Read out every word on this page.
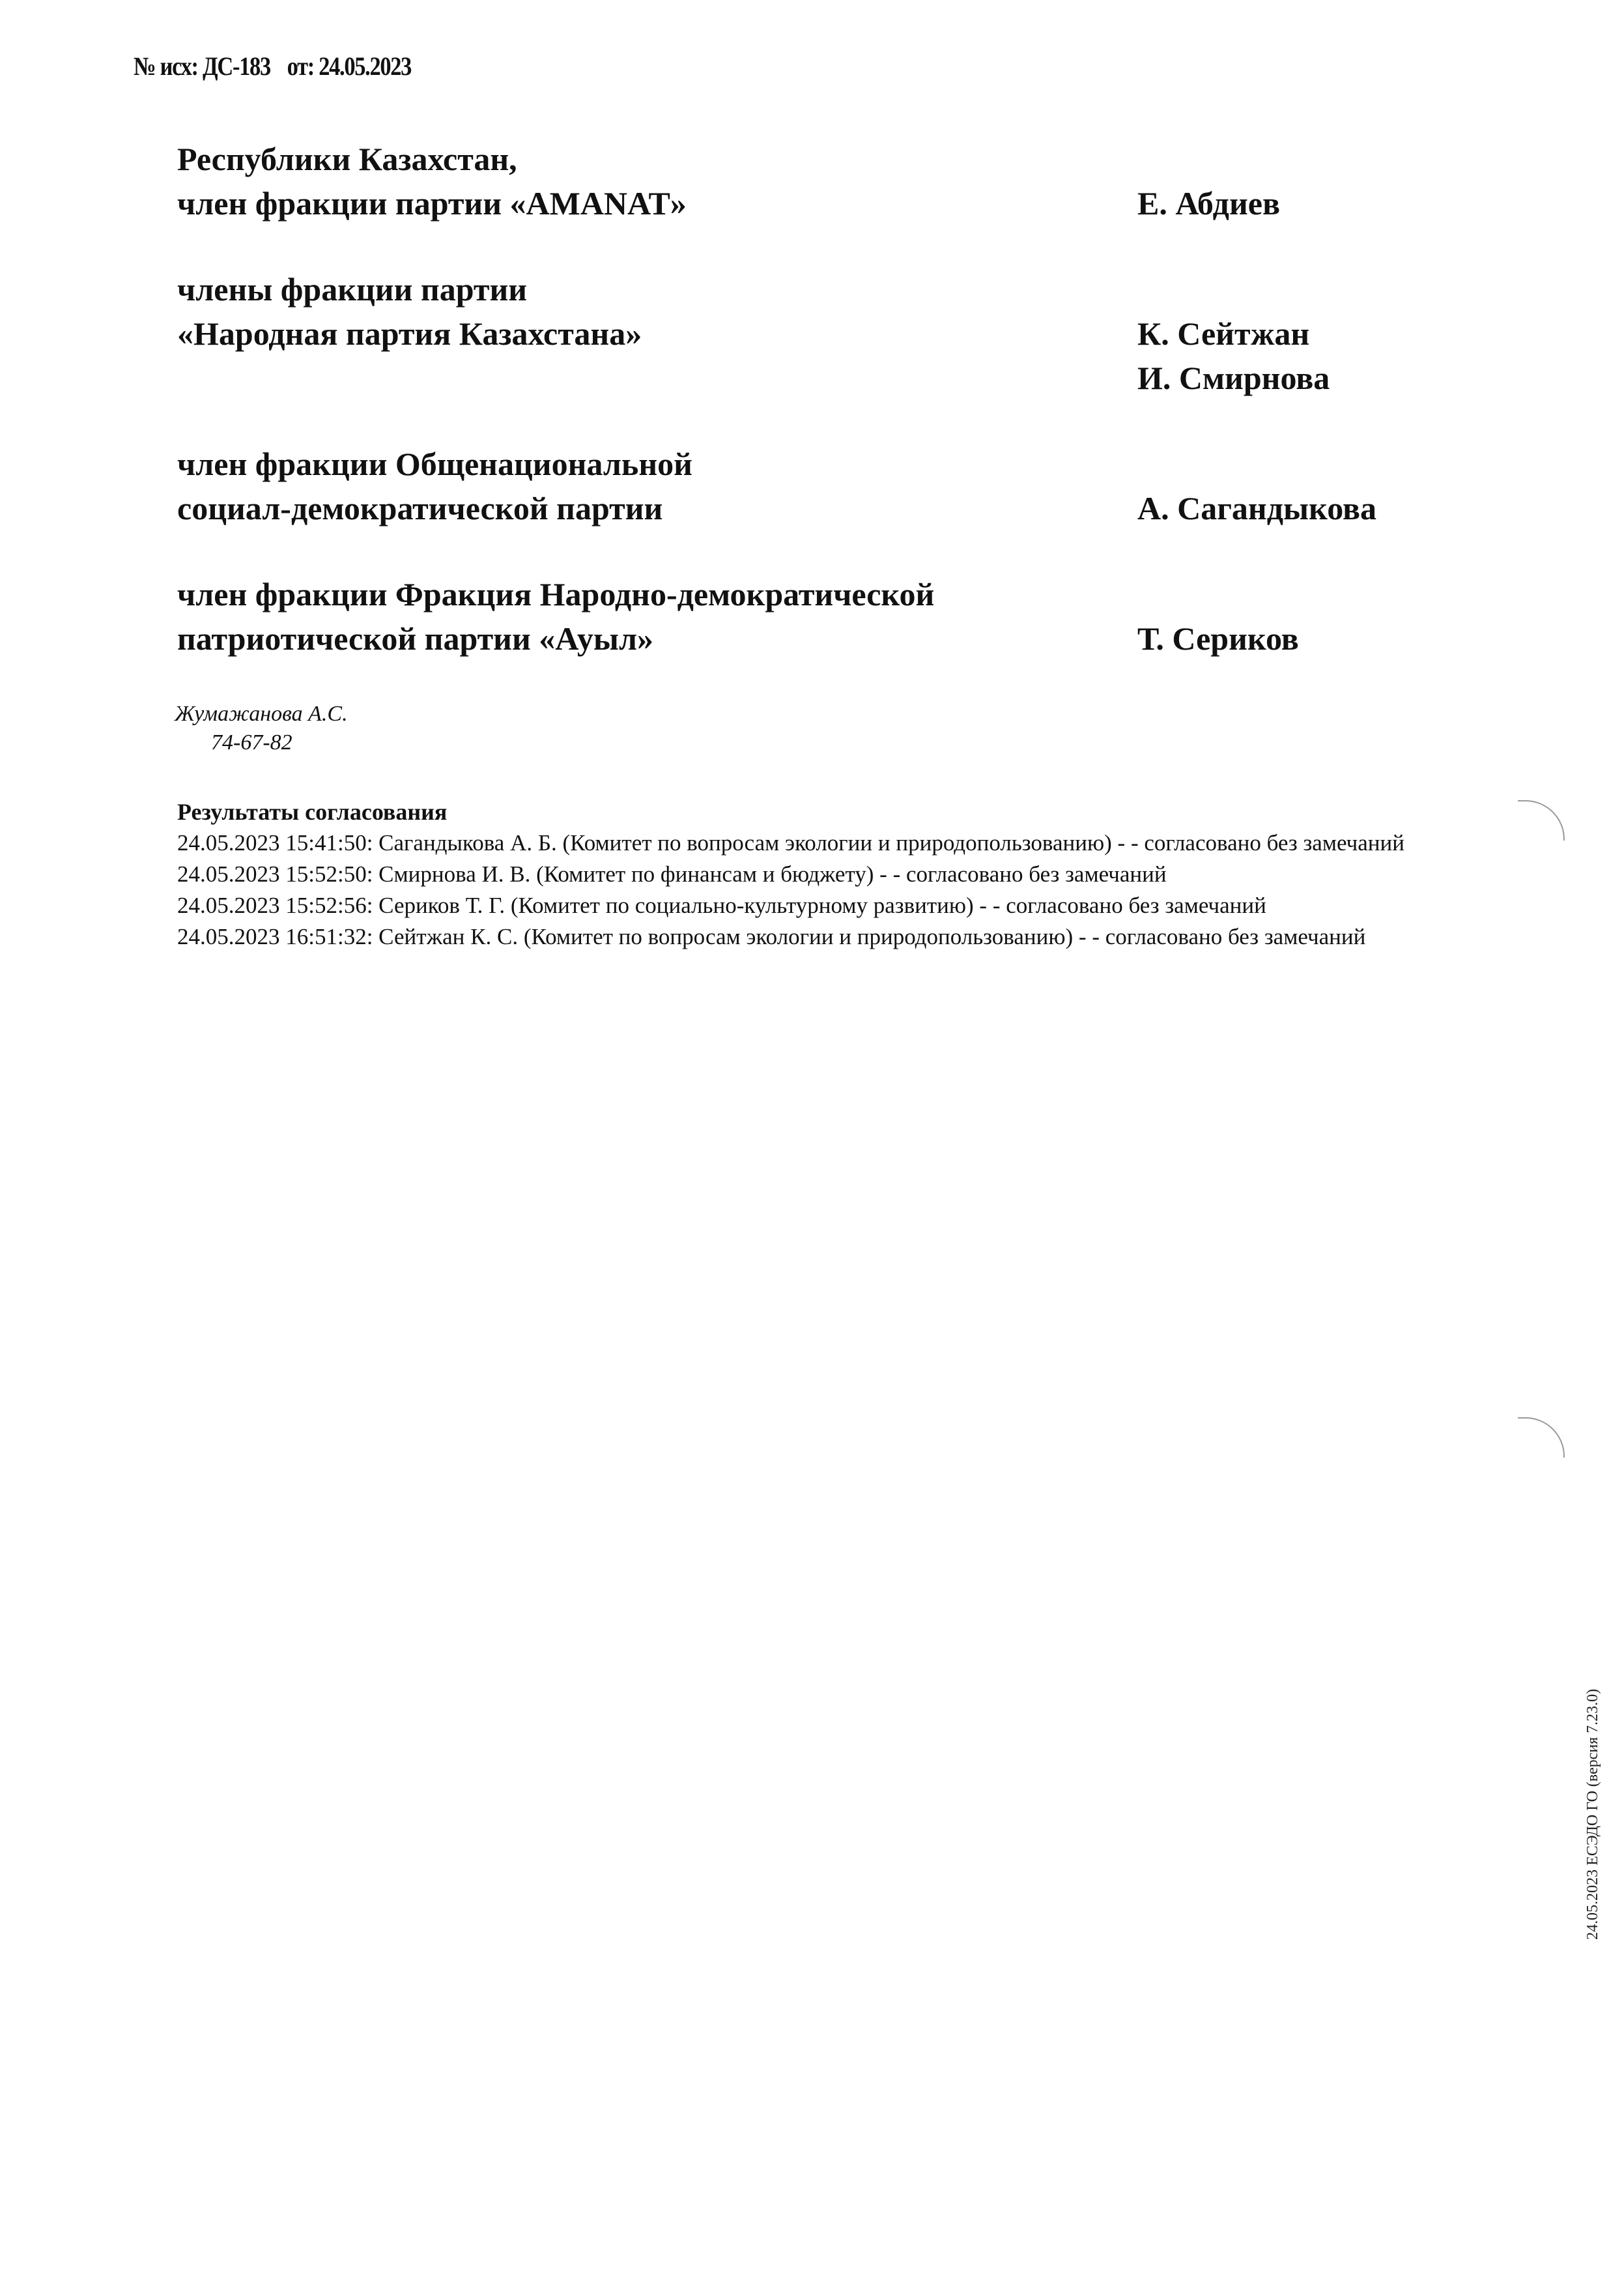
№ исх: ДС-183 от: 24.05.2023
Республики Казахстан,
член фракции партии «AMANAT»	Е. Абдиев
члены фракции партии
«Народная партия Казахстана»	К. Сейтжан
И. Смирнова
член фракции Общенациональной
социал-демократической партии	А. Сагандыкова
член фракции Фракция Народно-демократической
патриотической партии «Ауыл»	Т. Сериков
Жумажанова А.С.
74-67-82
Результаты согласования
24.05.2023 15:41:50: Сагандыкова А. Б. (Комитет по вопросам экологии и природопользованию) - - согласовано без замечаний
24.05.2023 15:52:50: Смирнова И. В. (Комитет по финансам и бюджету) - - согласовано без замечаний
24.05.2023 15:52:56: Сериков Т. Г. (Комитет по социально-культурному развитию) - - согласовано без замечаний
24.05.2023 16:51:32: Сейтжан К. С. (Комитет по вопросам экологии и природопользованию) - - согласовано без замечаний
24.05.2023 ЕСЭДО ГО (версия 7.23.0)
